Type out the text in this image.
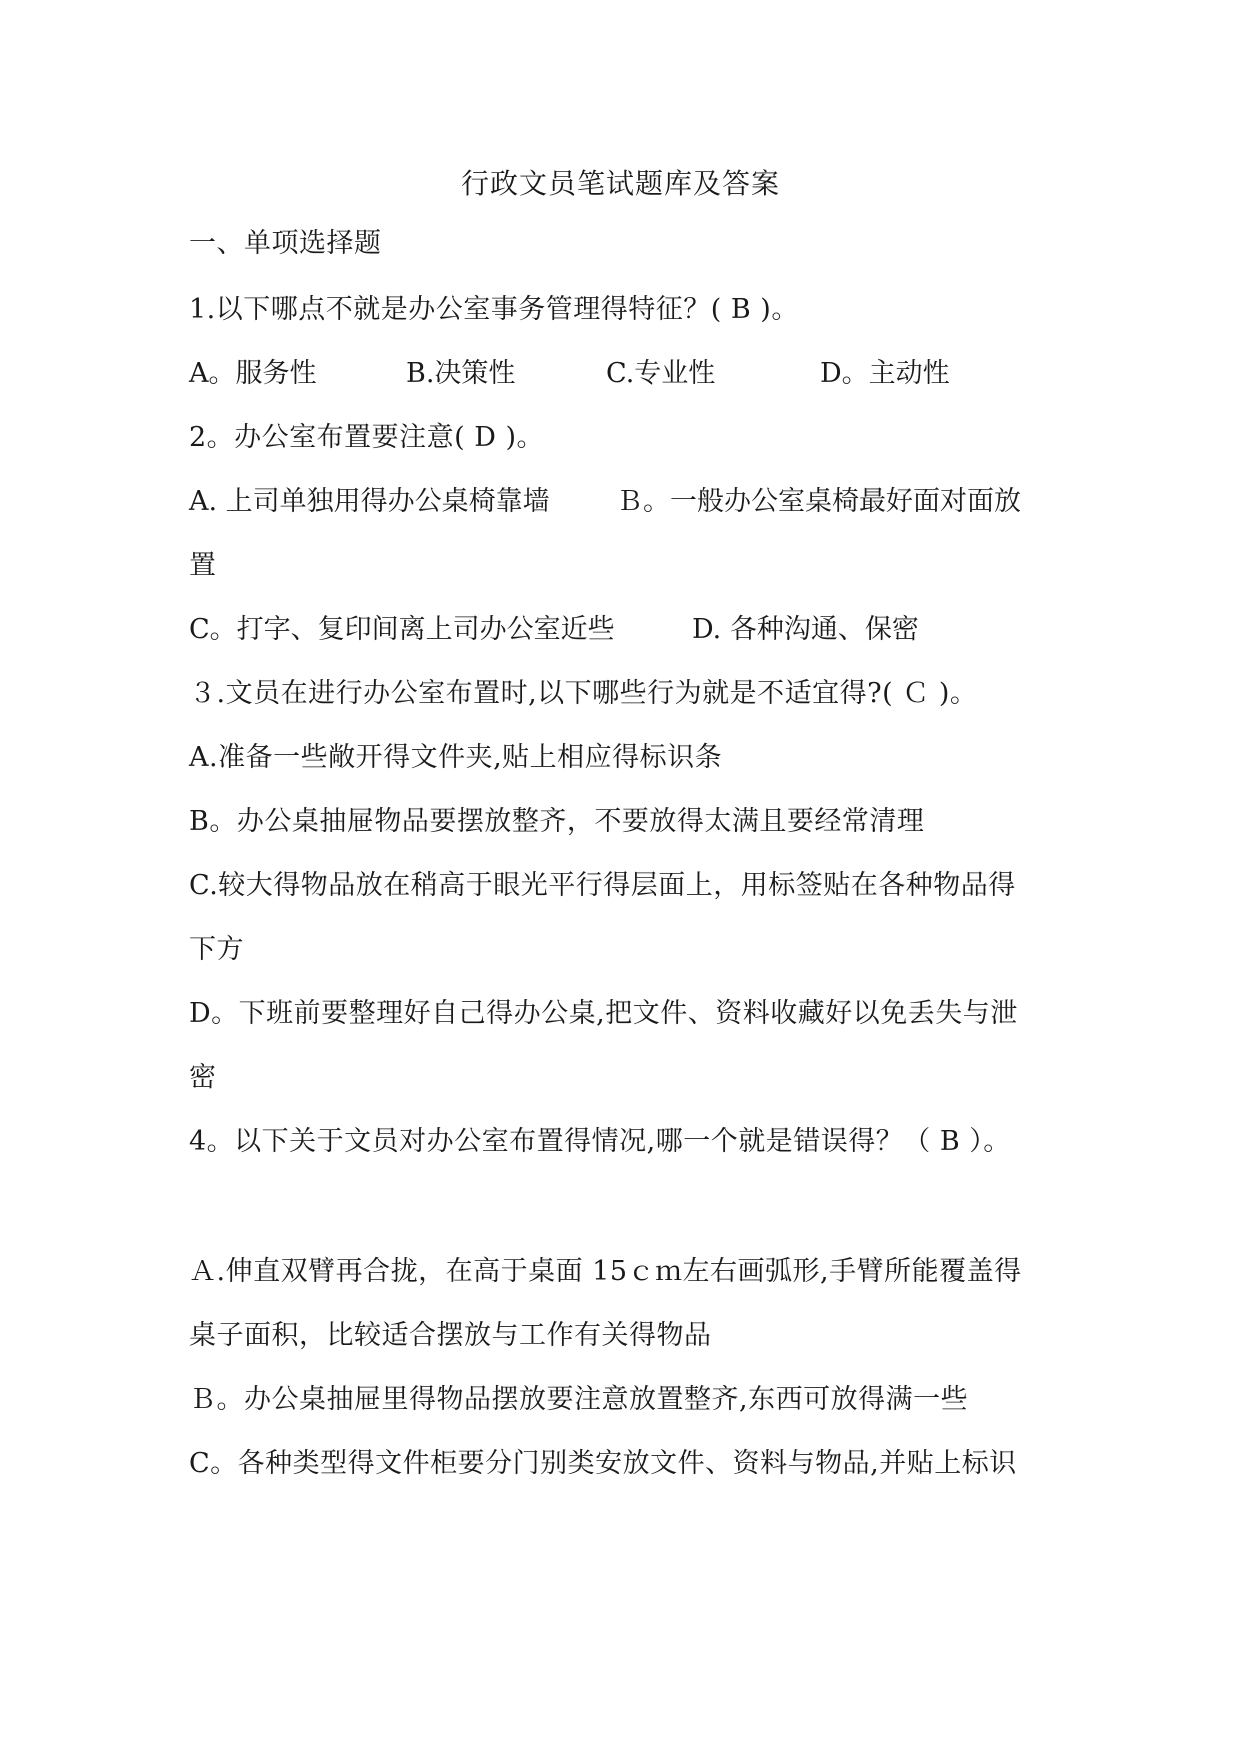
行政文员笔试题库及答案
一、单项选择题
1.以下哪点不就是办公室事务管理得特征？( B )。
A。服务性	B.决策性	C.专业性	D。主动性
2。办公室布置要注意( D )。
A. 上司单独用得办公桌椅靠墙 Ｂ。一般办公室桌椅最好面对面放
置
C。打字、复印间离上司办公室近些	D. 各种沟通、保密
３.文员在进行办公室布置时,以下哪些行为就是不适宜得?( Ｃ )。
A.准备一些敞开得文件夹,贴上相应得标识条
B。办公桌抽屉物品要摆放整齐，不要放得太满且要经常清理
C.较大得物品放在稍高于眼光平行得层面上，用标签贴在各种物品得
下方
D。下班前要整理好自己得办公桌,把文件、资料收藏好以免丢失与泄
密
4。以下关于文员对办公室布置得情况,哪一个就是错误得？（ B ）。
Ａ.伸直双臂再合拢，在高于桌面 15ｃｍ左右画弧形,手臂所能覆盖得
桌子面积，比较适合摆放与工作有关得物品
Ｂ。办公桌抽屉里得物品摆放要注意放置整齐,东西可放得满一些
C。各种类型得文件柜要分门别类安放文件、资料与物品,并贴上标识
